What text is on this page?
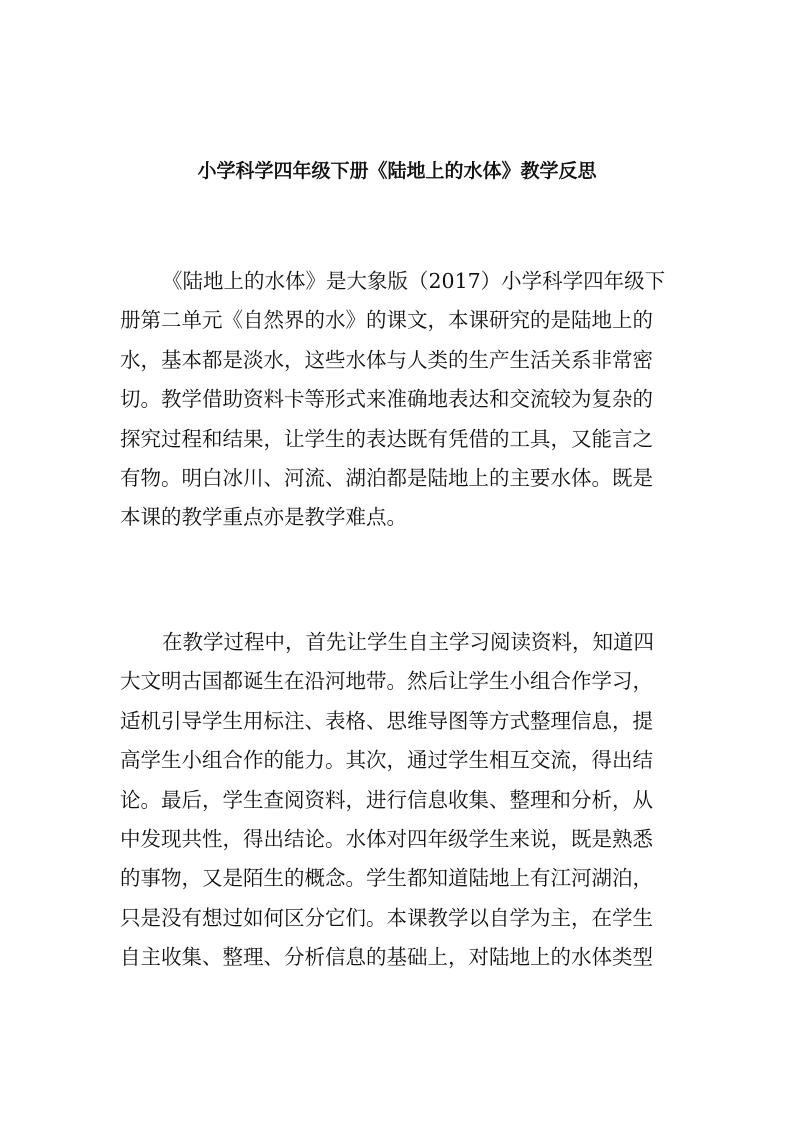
小学科学四年级下册《陆地上的水体》教学反思
《陆地上的水体》是大象版（2017）小学科学四年级下
册第二单元《自然界的水》的课文，本课研究的是陆地上的
水，基本都是淡水，这些水体与人类的生产生活关系非常密
切。教学借助资料卡等形式来准确地表达和交流较为复杂的
探究过程和结果，让学生的表达既有凭借的工具，又能言之
有物。明白冰川、河流、湖泊都是陆地上的主要水体。既是
本课的教学重点亦是教学难点。
在教学过程中，首先让学生自主学习阅读资料，知道四
大文明古国都诞生在沿河地带。然后让学生小组合作学习，
适机引导学生用标注、表格、思维导图等方式整理信息，提
高学生小组合作的能力。其次，通过学生相互交流，得出结
论。最后，学生查阅资料，进行信息收集、整理和分析，从
中发现共性，得出结论。水体对四年级学生来说，既是熟悉
的事物，又是陌生的概念。学生都知道陆地上有江河湖泊，
只是没有想过如何区分它们。本课教学以自学为主，在学生
自主收集、整理、分析信息的基础上，对陆地上的水体类型
